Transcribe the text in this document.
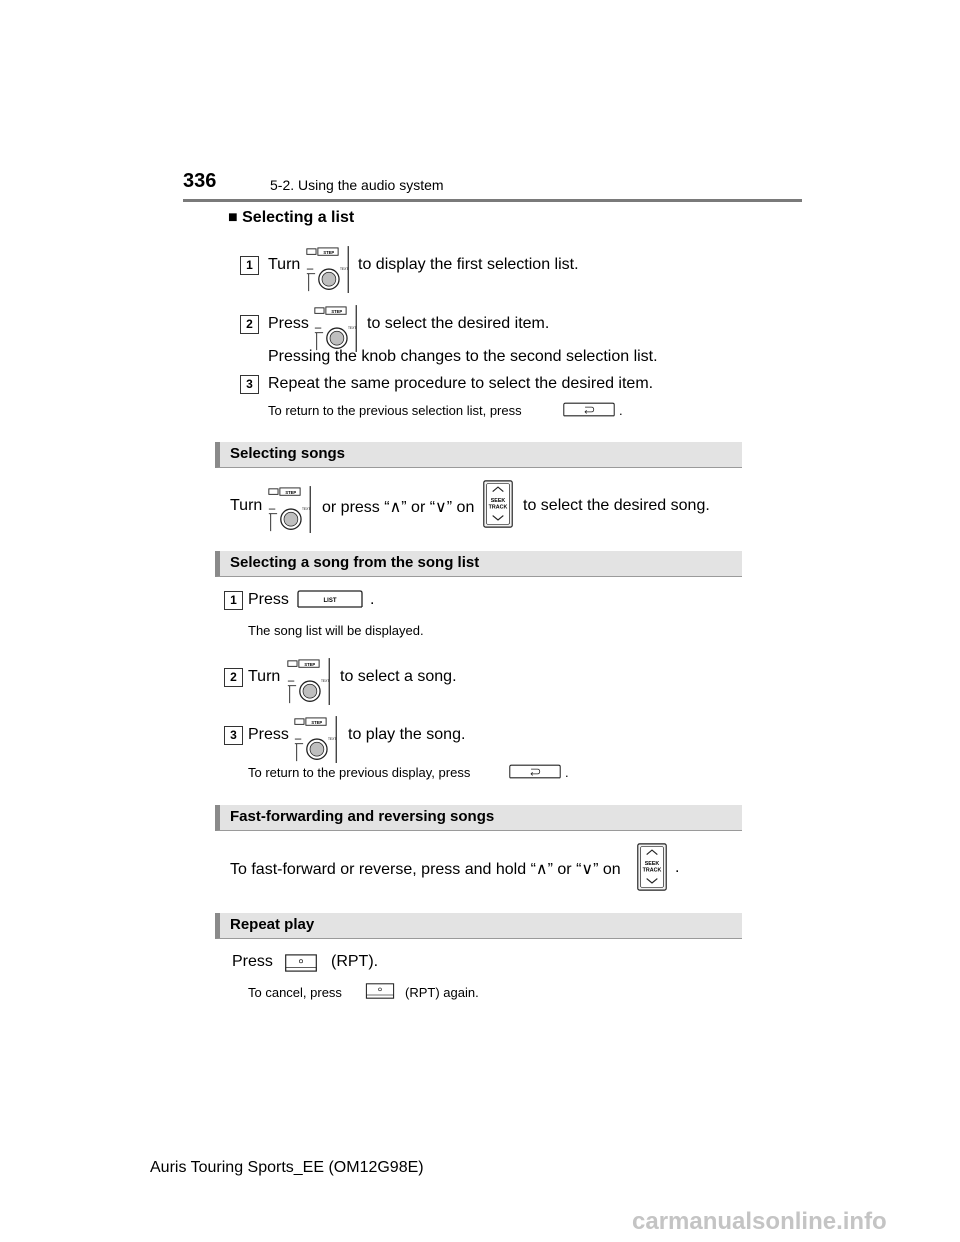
336	5-2. Using the audio system
■ Selecting a list
1 Turn	to display the first selection list.
2 Press	to select the desired item.
Pressing the knob changes to the second selection list.
3 Repeat the same procedure to select the desired item.
To return to the previous selection list, press	.
Selecting songs
Turn	or press “∧” or “∨” on	to select the desired song.
Selecting a song from the song list
1 Press	.
The song list will be displayed.
2 Turn	to select a song.
3 Press	to play the song.
To return to the previous display, press	.
Fast-forwarding and reversing songs
To fast-forward or reverse, press and hold “∧” or “∨” on	.
Repeat play
Press	(RPT).
To cancel, press	(RPT) again.
Auris Touring Sports_EE (OM12G98E)
carmanualsonline.info
